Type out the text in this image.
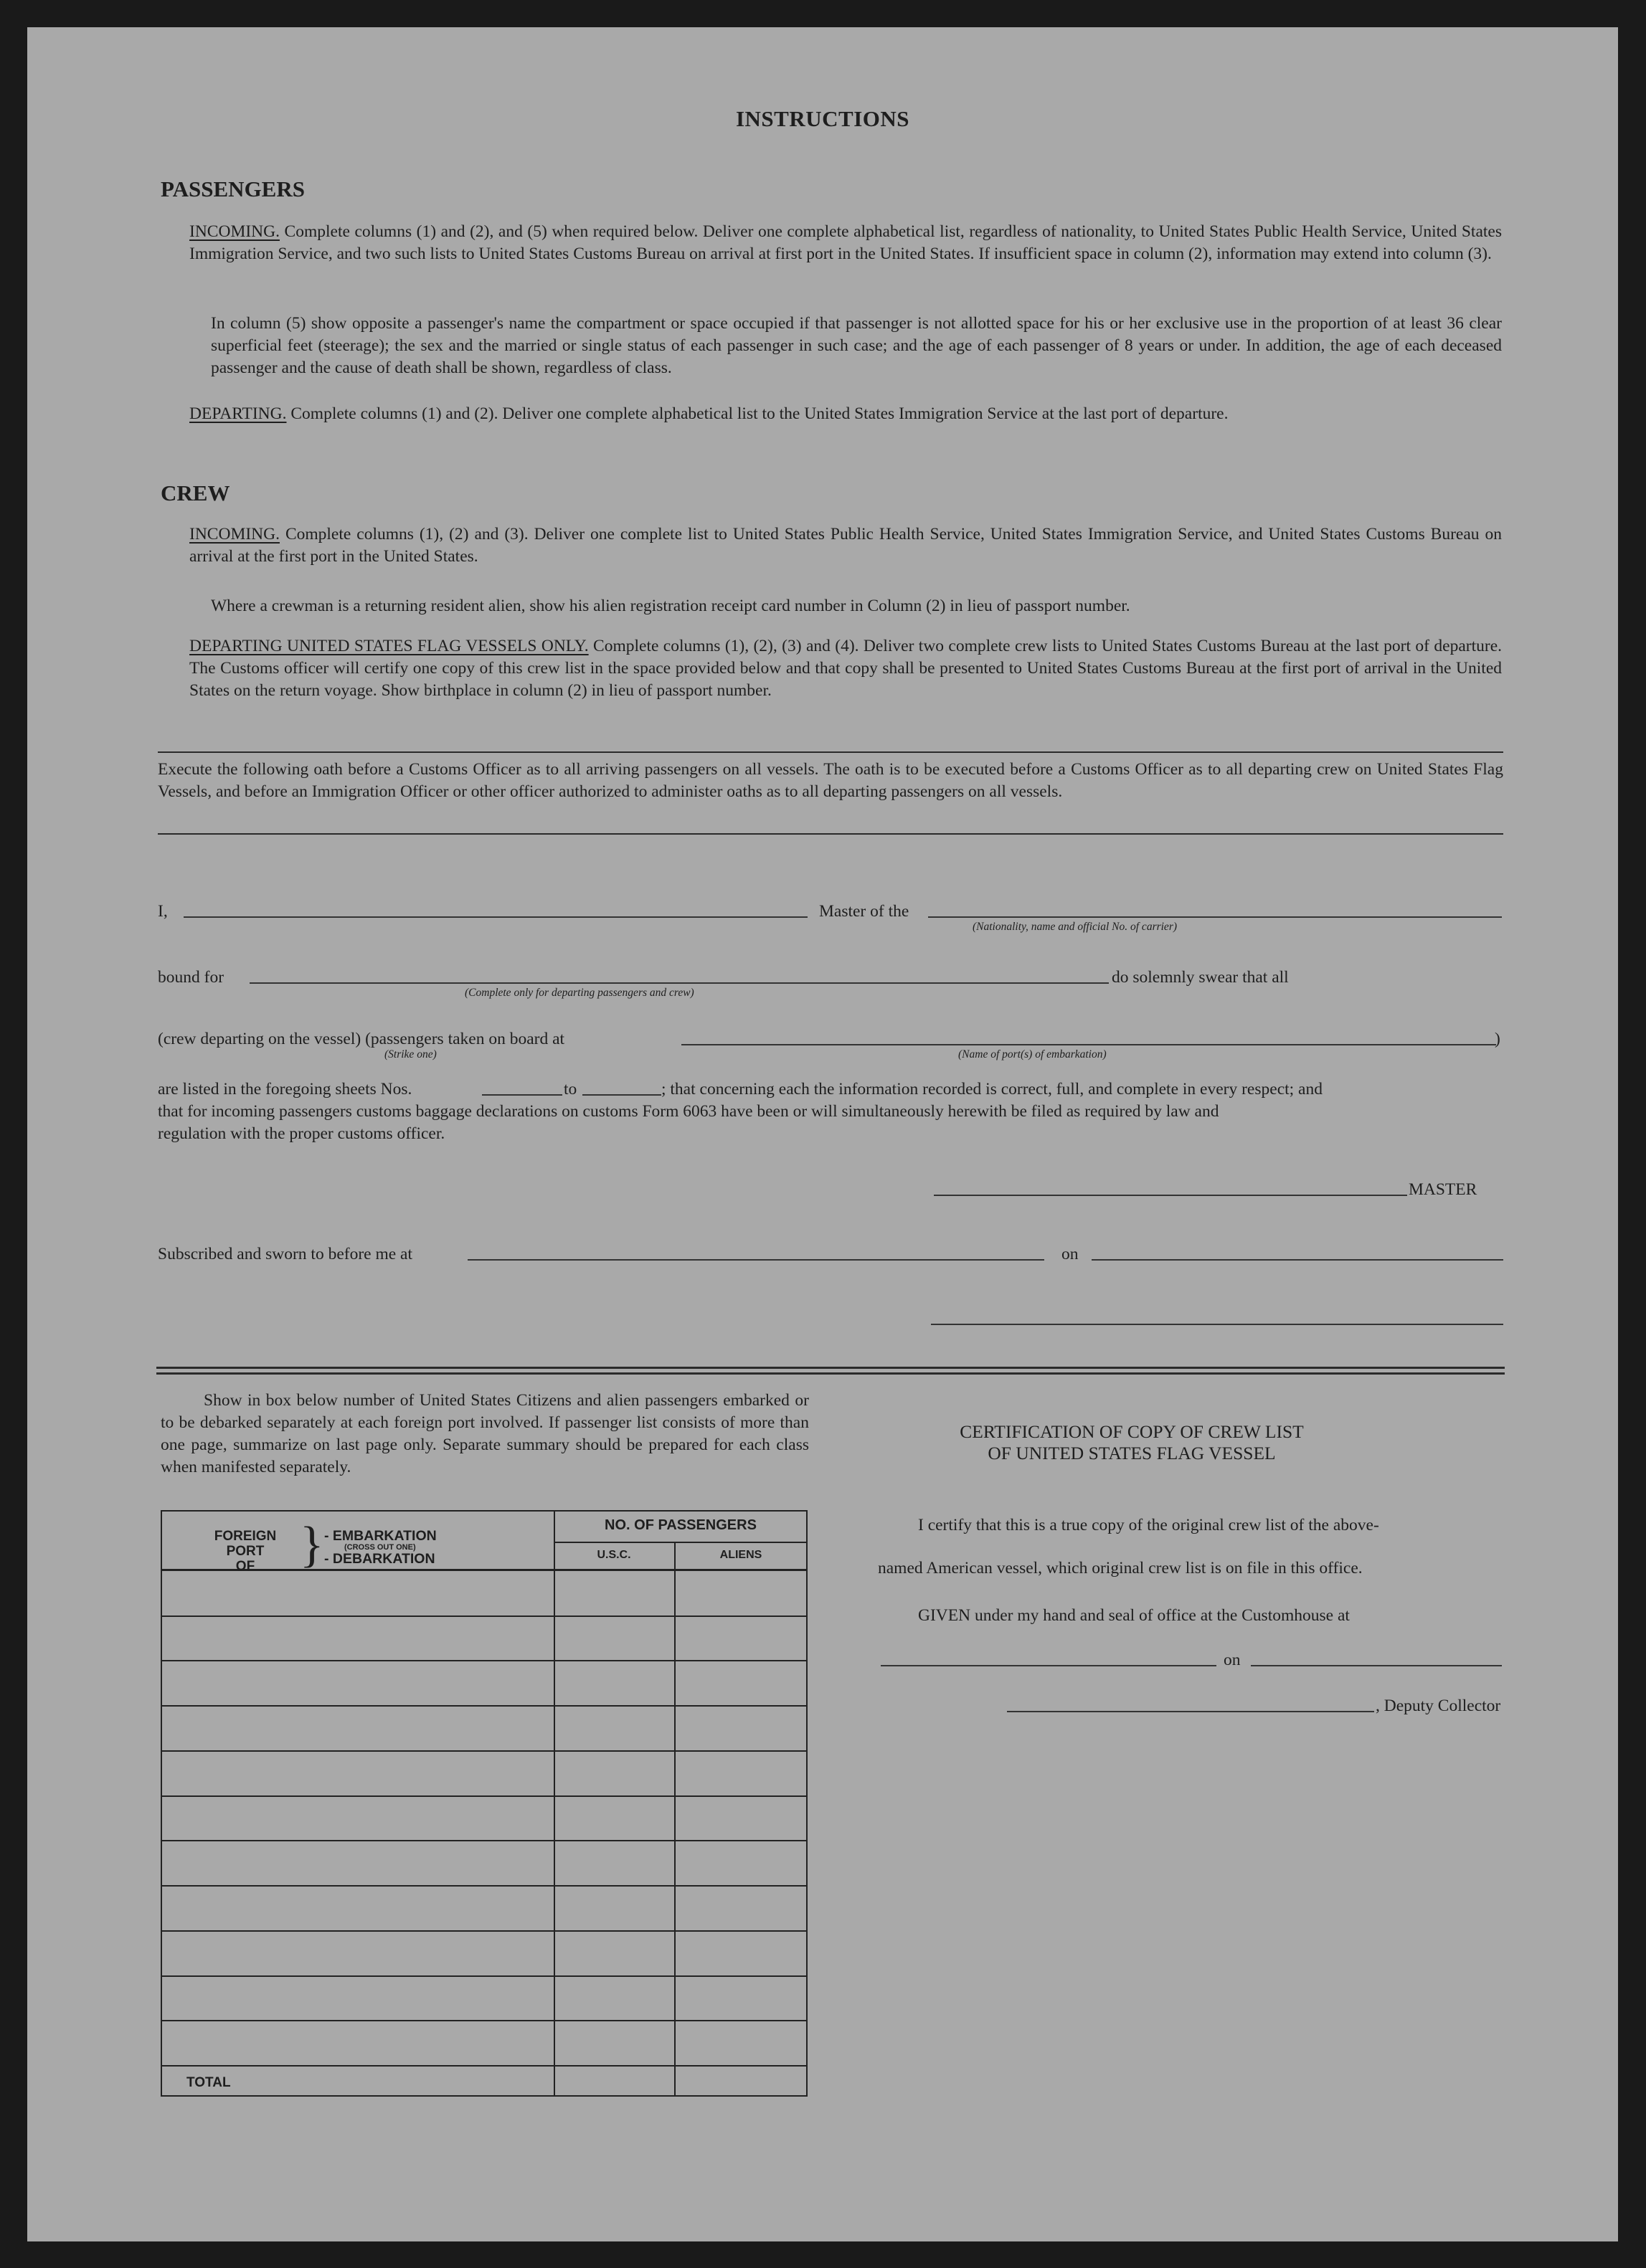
INSTRUCTIONS
PASSENGERS
INCOMING. Complete columns (1) and (2), and (5) when required below. Deliver one complete alphabetical list, regardless of nationality, to United States Public Health Service, United States Immigration Service, and two such lists to United States Customs Bureau on arrival at first port in the United States. If insufficient space in column (2), information may extend into column (3).
In column (5) show opposite a passenger's name the compartment or space occupied if that passenger is not allotted space for his or her exclusive use in the proportion of at least 36 clear superficial feet (steerage); the sex and the married or single status of each passenger in such case; and the age of each passenger of 8 years or under. In addition, the age of each deceased passenger and the cause of death shall be shown, regardless of class.
DEPARTING. Complete columns (1) and (2). Deliver one complete alphabetical list to the United States Immigration Service at the last port of departure.
CREW
INCOMING. Complete columns (1), (2) and (3). Deliver one complete list to United States Public Health Service, United States Immigration Service, and United States Customs Bureau on arrival at the first port in the United States.
Where a crewman is a returning resident alien, show his alien registration receipt card number in Column (2) in lieu of passport number.
DEPARTING UNITED STATES FLAG VESSELS ONLY. Complete columns (1), (2), (3) and (4). Deliver two complete crew lists to United States Customs Bureau at the last port of departure. The Customs officer will certify one copy of this crew list in the space provided below and that copy shall be presented to United States Customs Bureau at the first port of arrival in the United States on the return voyage. Show birthplace in column (2) in lieu of passport number.
Execute the following oath before a Customs Officer as to all arriving passengers on all vessels. The oath is to be executed before a Customs Officer as to all departing crew on United States Flag Vessels, and before an Immigration Officer or other officer authorized to administer oaths as to all departing passengers on all vessels.
I,	Master of the
(Nationality, name and official No. of carrier)
bound for	do solemnly swear that all
(Complete only for departing passengers and crew)
(crew departing on the vessel) (passengers taken on board at	)
(Strike one)	(Name of port(s) of embarkation)
are listed in the foregoing sheets Nos.	to	; that concerning each the information recorded is correct, full, and complete in every respect; and
that for incoming passengers customs baggage declarations on customs Form 6063 have been or will simultaneously herewith be filed as required by law and
regulation with the proper customs officer.
MASTER
Subscribed and sworn to before me at	on
Show in box below number of United States Citizens and alien passengers embarked or to be debarked separately at each foreign port involved. If passenger list consists of more than one page, summarize on last page only. Separate summary should be prepared for each class when manifested separately.
FOREIGN
PORT
OF } - EMBARKATION
(CROSS OUT ONE)
- DEBARKATION
NO. OF PASSENGERS
U.S.C.	ALIENS
TOTAL
CERTIFICATION OF COPY OF CREW LIST
OF UNITED STATES FLAG VESSEL
I certify that this is a true copy of the original crew list of the above-
named American vessel, which original crew list is on file in this office.
GIVEN under my hand and seal of office at the Customhouse at
on
, Deputy Collector
